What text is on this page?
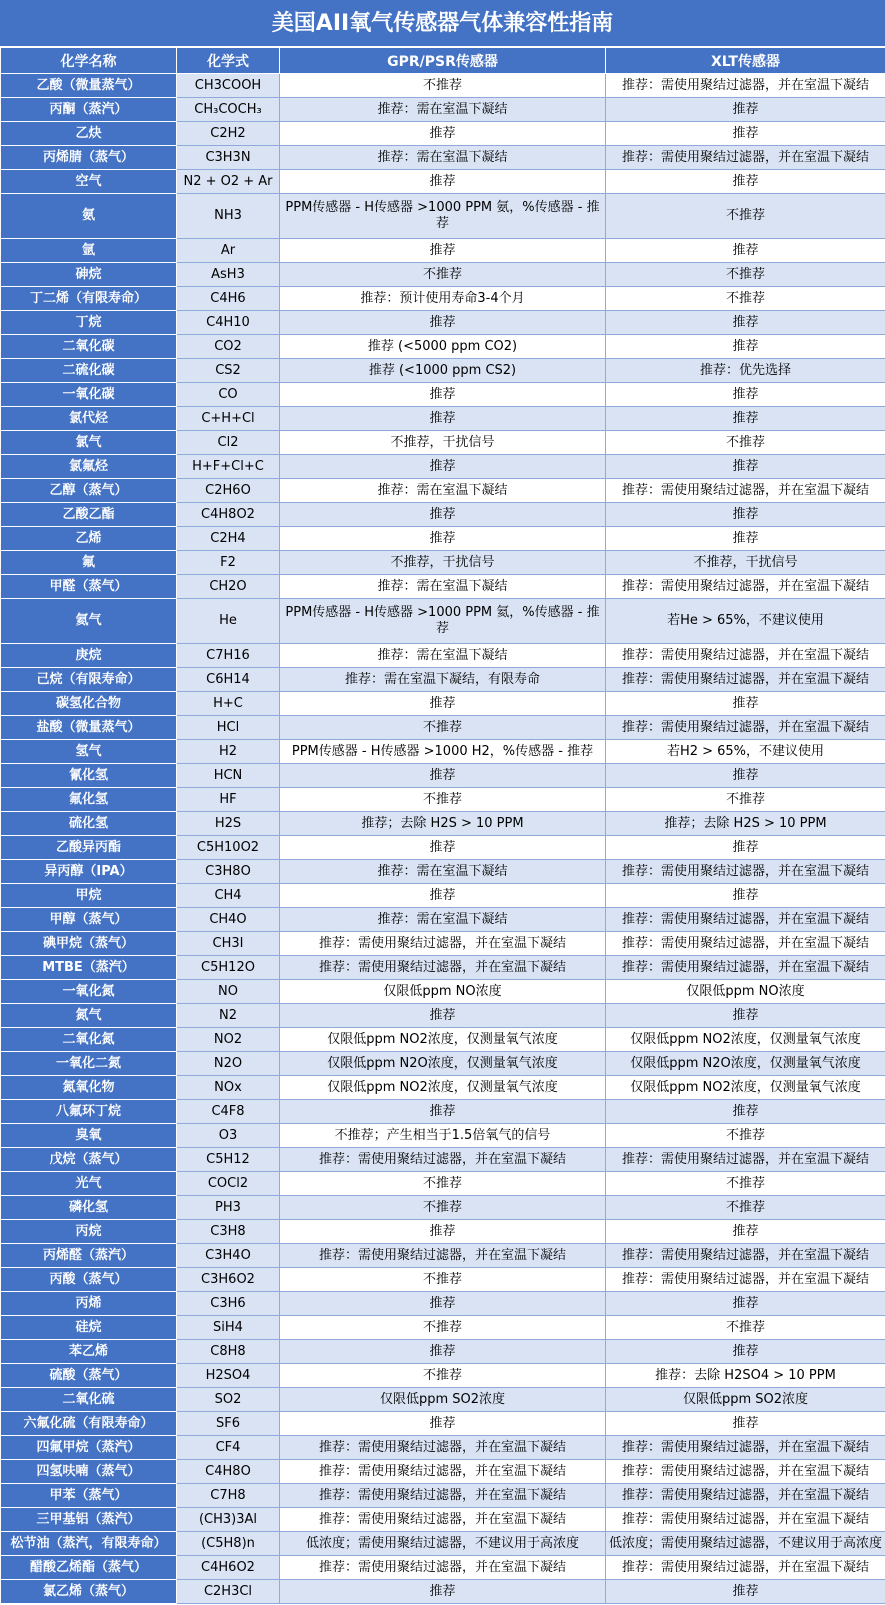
美国AII氧气传感器气体兼容性指南
化学名称	化学式	GPR/PSR传感器	XLT传感器
乙酸（微量蒸气）	CH3COOH	不推荐	推荐：需使用聚结过滤器，并在室温下凝结
丙酮（蒸汽）	CH₃COCH₃	推荐：需在室温下凝结	推荐
乙炔	C2H2	推荐	推荐
丙烯腈（蒸气）	C3H3N	推荐：需在室温下凝结	推荐：需使用聚结过滤器，并在室温下凝结
空气	N2 + O2 + Ar	推荐	推荐
氨	NH3	PPM传感器 - H传感器 >1000 PPM 氨，%传感器 - 推荐	不推荐
氩	Ar	推荐	推荐
砷烷	AsH3	不推荐	不推荐
丁二烯（有限寿命）	C4H6	推荐：预计使用寿命3-4个月	不推荐
丁烷	C4H10	推荐	推荐
二氧化碳	CO2	推荐 (<5000 ppm CO2)	推荐
二硫化碳	CS2	推荐 (<1000 ppm CS2)	推荐：优先选择
一氧化碳	CO	推荐	推荐
氯代烃	C+H+Cl	推荐	推荐
氯气	Cl2	不推荐，干扰信号	不推荐
氯氟烃	H+F+Cl+C	推荐	推荐
乙醇（蒸气）	C2H6O	推荐：需在室温下凝结	推荐：需使用聚结过滤器，并在室温下凝结
乙酸乙酯	C4H8O2	推荐	推荐
乙烯	C2H4	推荐	推荐
氟	F2	不推荐，干扰信号	不推荐，干扰信号
甲醛（蒸气）	CH2O	推荐：需在室温下凝结	推荐：需使用聚结过滤器，并在室温下凝结
氦气	He	PPM传感器 - H传感器 >1000 PPM 氦，%传感器 - 推荐	若He > 65%，不建议使用
庚烷	C7H16	推荐：需在室温下凝结	推荐：需使用聚结过滤器，并在室温下凝结
己烷（有限寿命）	C6H14	推荐：需在室温下凝结，有限寿命	推荐：需使用聚结过滤器，并在室温下凝结
碳氢化合物	H+C	推荐	推荐
盐酸（微量蒸气）	HCl	不推荐	推荐：需使用聚结过滤器，并在室温下凝结
氢气	H2	PPM传感器 - H传感器 >1000 H2，%传感器 - 推荐	若H2 > 65%，不建议使用
氰化氢	HCN	推荐	推荐
氟化氢	HF	不推荐	不推荐
硫化氢	H2S	推荐；去除 H2S > 10 PPM	推荐；去除 H2S > 10 PPM
乙酸异丙酯	C5H10O2	推荐	推荐
异丙醇（IPA）	C3H8O	推荐：需在室温下凝结	推荐：需使用聚结过滤器，并在室温下凝结
甲烷	CH4	推荐	推荐
甲醇（蒸气）	CH4O	推荐：需在室温下凝结	推荐：需使用聚结过滤器，并在室温下凝结
碘甲烷（蒸气）	CH3I	推荐：需使用聚结过滤器，并在室温下凝结	推荐：需使用聚结过滤器，并在室温下凝结
MTBE（蒸汽）	C5H12O	推荐：需使用聚结过滤器，并在室温下凝结	推荐：需使用聚结过滤器，并在室温下凝结
一氧化氮	NO	仅限低ppm NO浓度	仅限低ppm NO浓度
氮气	N2	推荐	推荐
二氧化氮	NO2	仅限低ppm NO2浓度，仅测量氧气浓度	仅限低ppm NO2浓度，仅测量氧气浓度
一氧化二氮	N2O	仅限低ppm N2O浓度，仅测量氧气浓度	仅限低ppm N2O浓度，仅测量氧气浓度
氮氧化物	NOx	仅限低ppm NO2浓度，仅测量氧气浓度	仅限低ppm NO2浓度，仅测量氧气浓度
八氟环丁烷	C4F8	推荐	推荐
臭氧	O3	不推荐；产生相当于1.5倍氧气的信号	不推荐
戊烷（蒸气）	C5H12	推荐：需使用聚结过滤器，并在室温下凝结	推荐：需使用聚结过滤器，并在室温下凝结
光气	COCl2	不推荐	不推荐
磷化氢	PH3	不推荐	不推荐
丙烷	C3H8	推荐	推荐
丙烯醛（蒸汽）	C3H4O	推荐：需使用聚结过滤器，并在室温下凝结	推荐：需使用聚结过滤器，并在室温下凝结
丙酸（蒸气）	C3H6O2	不推荐	推荐：需使用聚结过滤器，并在室温下凝结
丙烯	C3H6	推荐	推荐
硅烷	SiH4	不推荐	不推荐
苯乙烯	C8H8	推荐	推荐
硫酸（蒸气）	H2SO4	不推荐	推荐：去除 H2SO4 > 10 PPM
二氧化硫	SO2	仅限低ppm SO2浓度	仅限低ppm SO2浓度
六氟化硫（有限寿命）	SF6	推荐	推荐
四氟甲烷（蒸汽）	CF4	推荐：需使用聚结过滤器，并在室温下凝结	推荐：需使用聚结过滤器，并在室温下凝结
四氢呋喃（蒸气）	C4H8O	推荐：需使用聚结过滤器，并在室温下凝结	推荐：需使用聚结过滤器，并在室温下凝结
甲苯（蒸气）	C7H8	推荐：需使用聚结过滤器，并在室温下凝结	推荐：需使用聚结过滤器，并在室温下凝结
三甲基铝（蒸汽）	(CH3)3Al	推荐：需使用聚结过滤器，并在室温下凝结	推荐：需使用聚结过滤器，并在室温下凝结
松节油（蒸汽，有限寿命）	(C5H8)n	低浓度；需使用聚结过滤器，不建议用于高浓度	低浓度；需使用聚结过滤器，不建议用于高浓度
醋酸乙烯酯（蒸气）	C4H6O2	推荐：需使用聚结过滤器，并在室温下凝结	推荐：需使用聚结过滤器，并在室温下凝结
氯乙烯（蒸气）	C2H3Cl	推荐	推荐
